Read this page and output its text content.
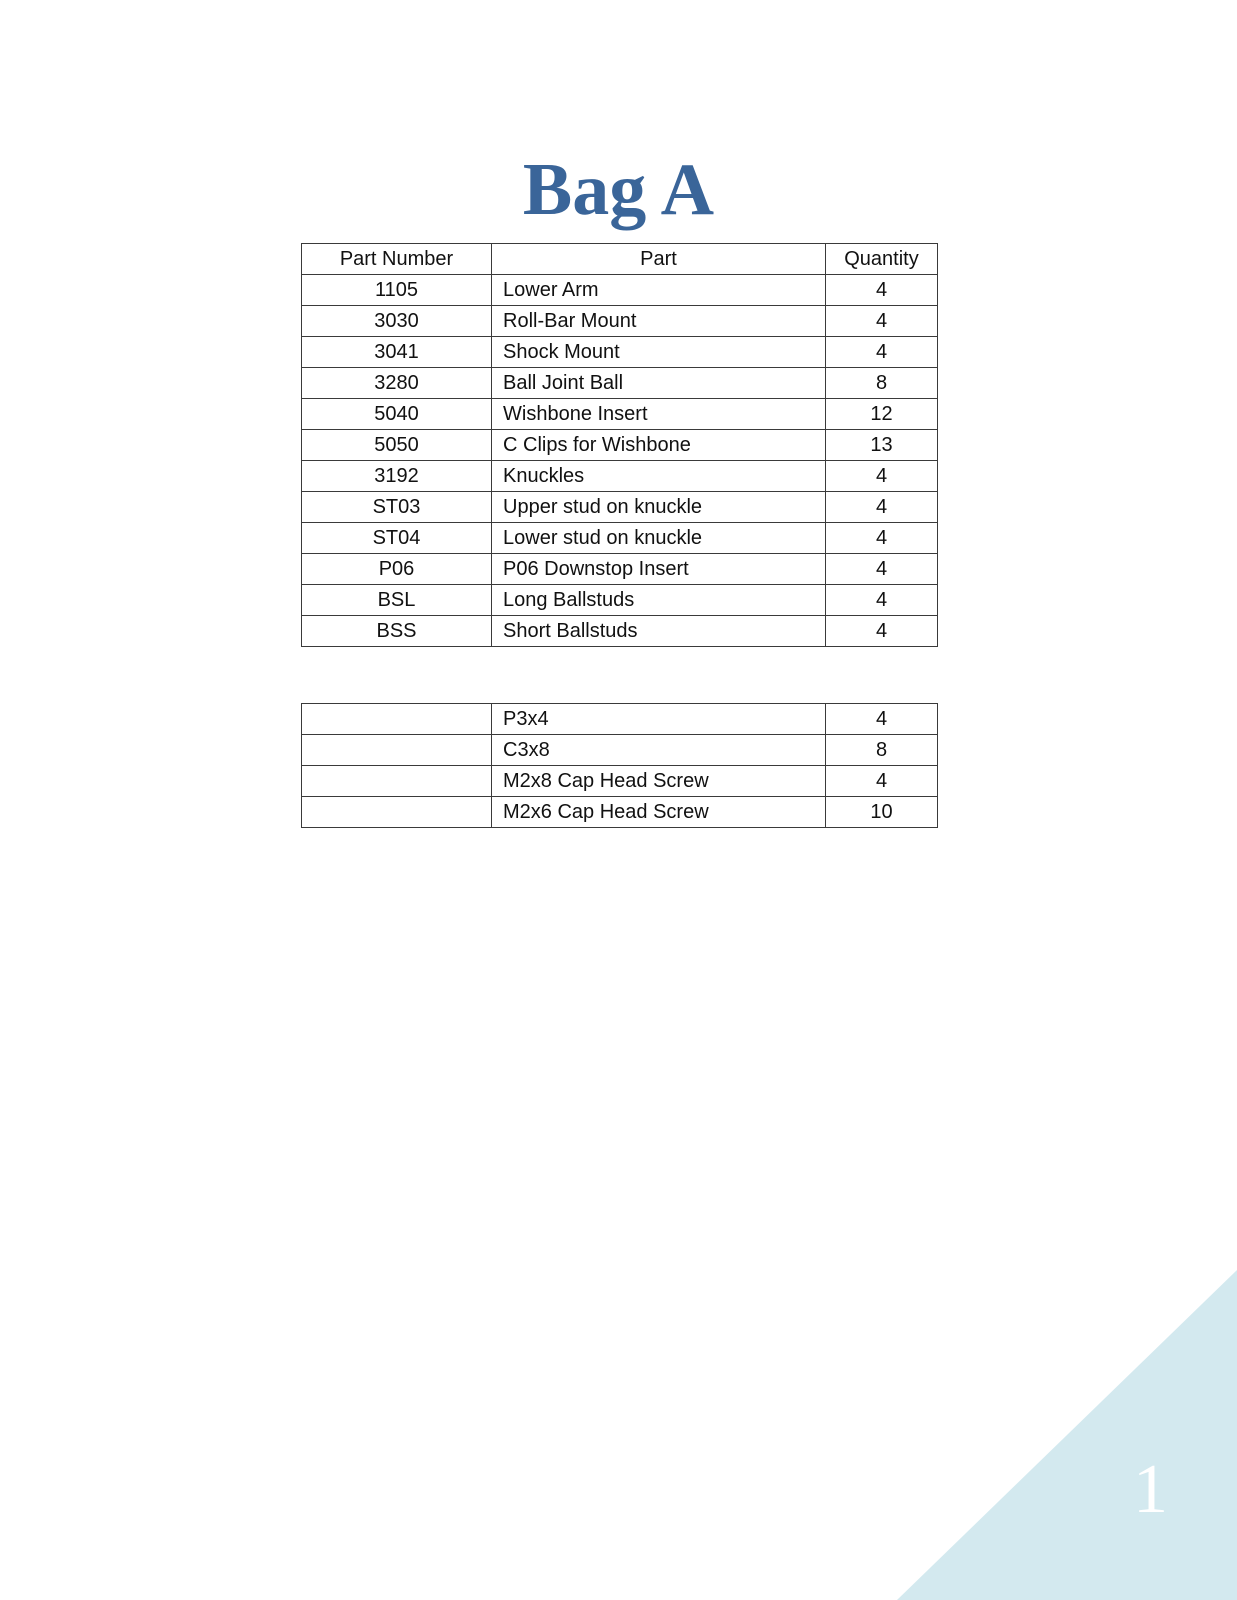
Bag A
Part Number	Part	Quantity
1105	Lower Arm	4
3030	Roll-Bar Mount	4
3041	Shock Mount	4
3280	Ball Joint Ball	8
5040	Wishbone Insert	12
5050	C Clips for Wishbone	13
3192	Knuckles	4
ST03	Upper stud on knuckle	4
ST04	Lower stud on knuckle	4
P06	P06 Downstop Insert	4
BSL	Long Ballstuds	4
BSS	Short Ballstuds	4
	P3x4	4
	C3x8	8
	M2x8 Cap Head Screw	4
	M2x6 Cap Head Screw	10
1
